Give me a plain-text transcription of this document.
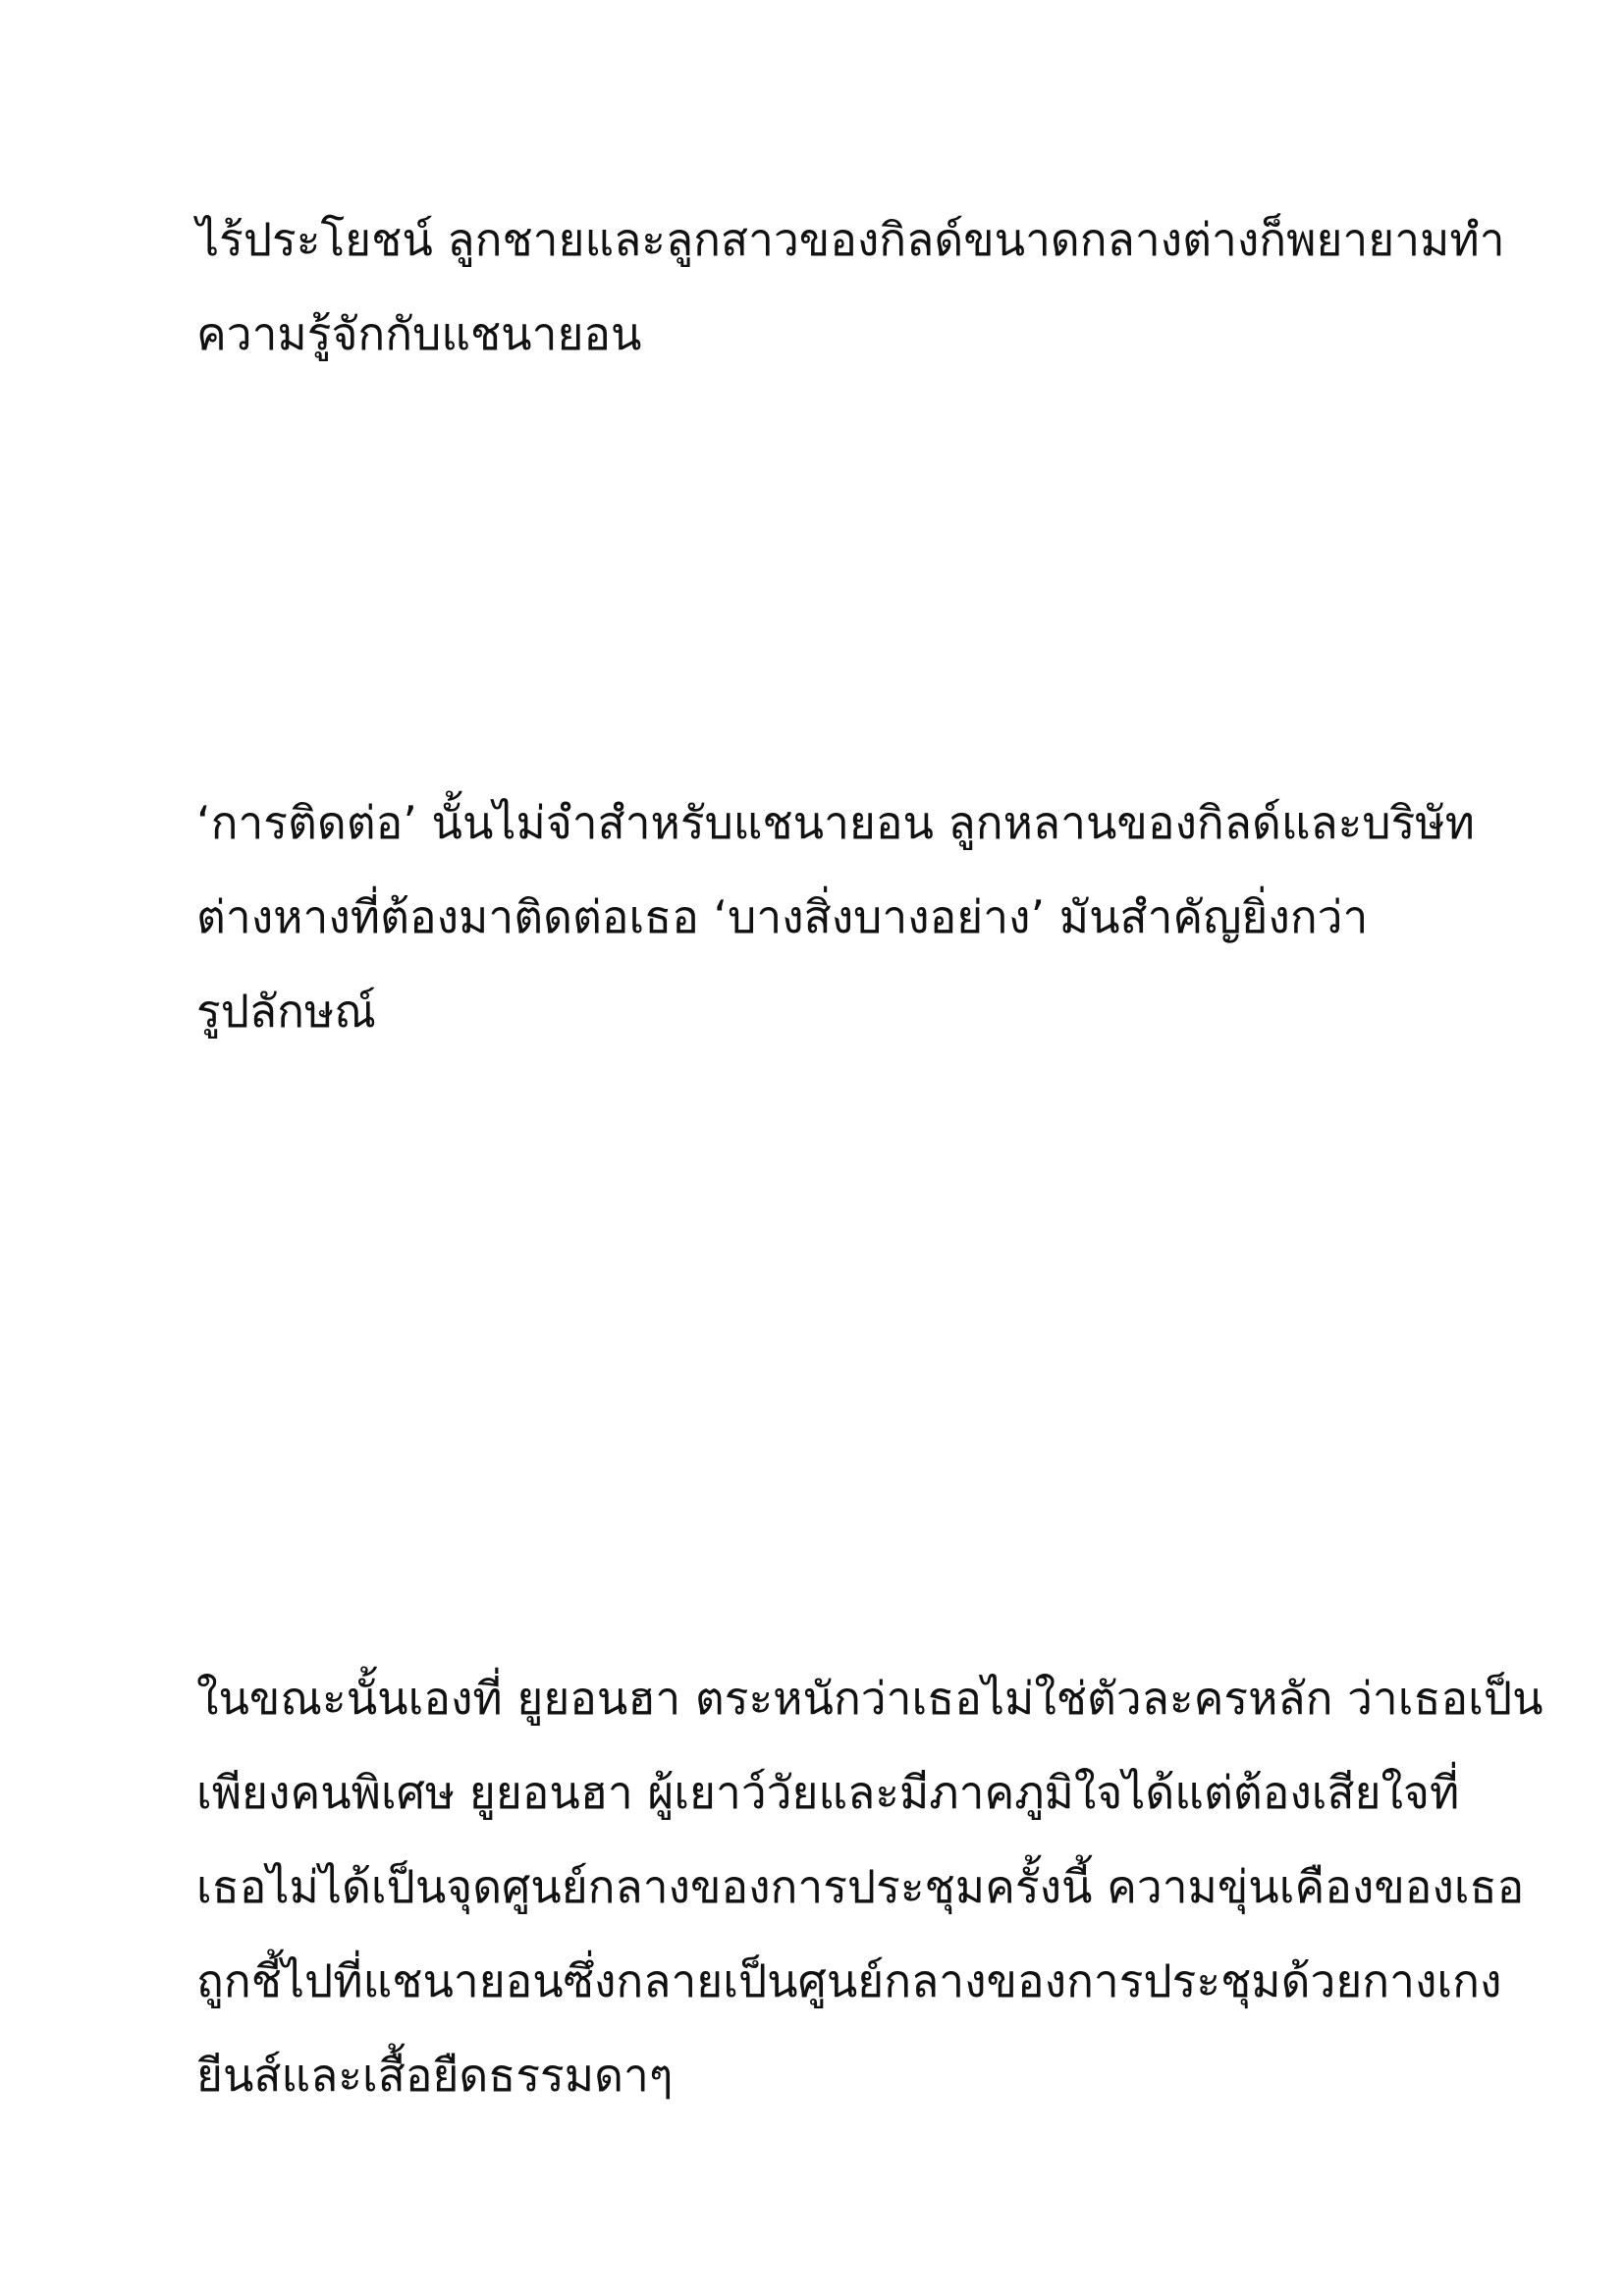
ไร้ประโยชน์ ลูกชายและลูกสาวของกิลด์ขนาดกลางต่างก็พยายามทำ
ความรู้จักกับแชนายอน
‘การติดต่อ’ นั้นไม่จำสำหรับแชนายอน ลูกหลานของกิลด์และบริษัท
ต่างหางที่ต้องมาติดต่อเธอ ‘บางสิ่งบางอย่าง’ มันสำคัญยิ่งกว่า
รูปลักษณ์
ในขณะนั้นเองที่ ยูยอนฮา ตระหนักว่าเธอไม่ใช่ตัวละครหลัก ว่าเธอเป็น
เพียงคนพิเศษ ยูยอนฮา ผู้เยาว์วัยและมีภาคภูมิใจได้แต่ต้องเสียใจที่
เธอไม่ได้เป็นจุดศูนย์กลางของการประชุมครั้งนี้ ความขุ่นเคืองของเธอ
ถูกชี้ไปที่แชนายอนซึ่งกลายเป็นศูนย์กลางของการประชุมด้วยกางเกง
ยีนส์และเสื้อยืดธรรมดาๆ
